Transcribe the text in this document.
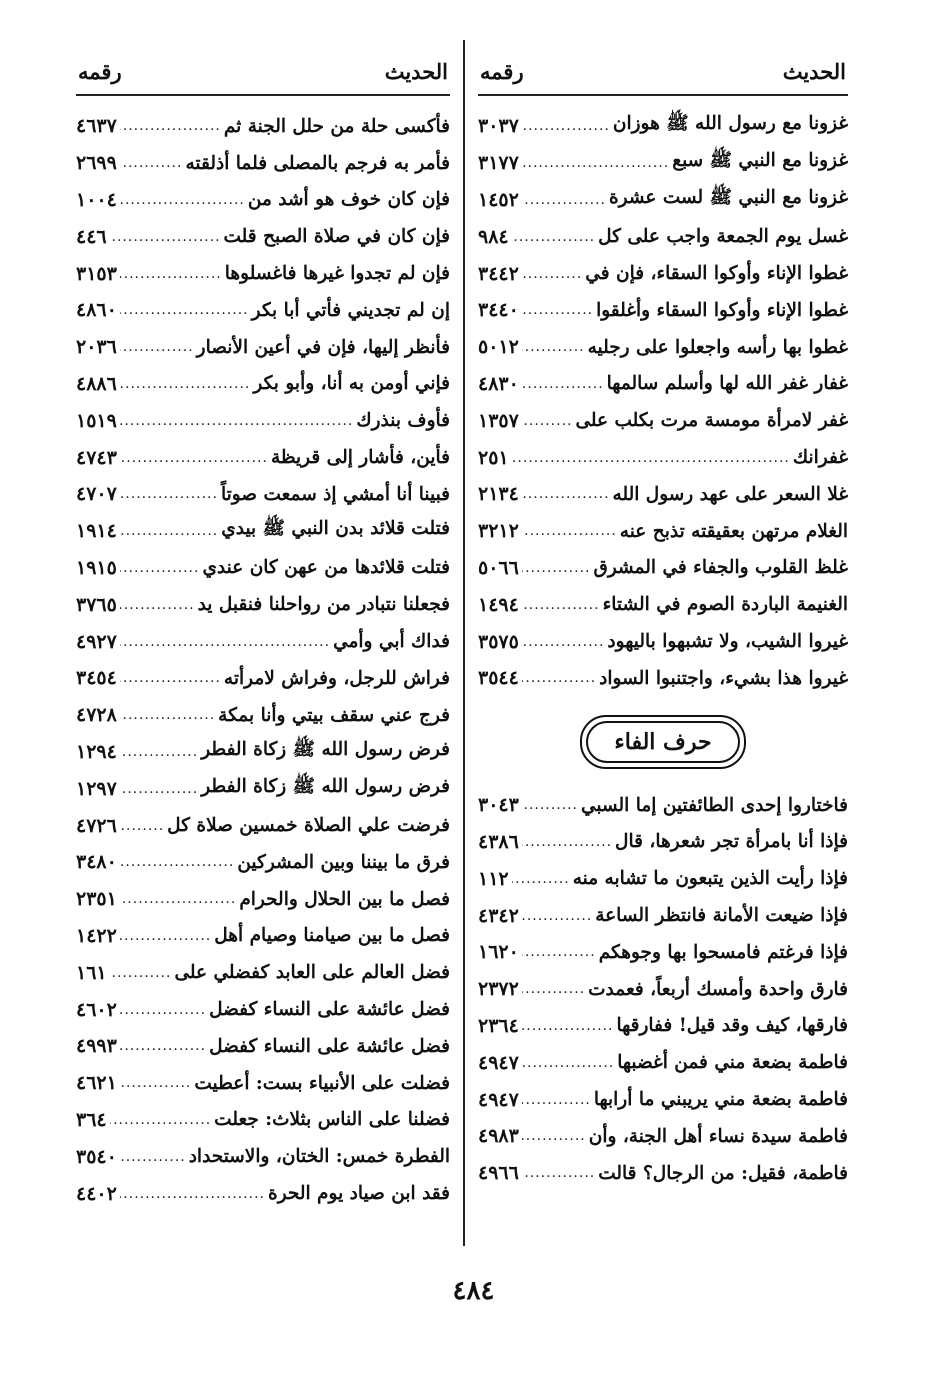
الحديث
رقمه
غزونا مع رسول الله ﷺ هوزان
.....
٣٠٣٧
غزونا مع النبي ﷺ سبع
.....
٣١٧٧
غزونا مع النبي ﷺ لست عشرة
.....
١٤٥٢
غسل يوم الجمعة واجب على كل
.....
٩٨٤
غطوا الإناء وأوكوا السقاء، فإن في
.....
٣٤٤٢
غطوا الإناء وأوكوا السقاء وأغلقوا
.....
٣٤٤٠
غطوا بها رأسه واجعلوا على رجليه
.....
٥٠١٢
غفار غفر الله لها وأسلم سالمها
.....
٤٨٣٠
غفر لامرأة مومسة مرت بكلب على
.....
١٣٥٧
غفرانك
.....
٢٥١
غلا السعر على عهد رسول الله
.....
٢١٣٤
الغلام مرتهن بعقيقته تذبح عنه
.....
٣٢١٢
غلظ القلوب والجفاء في المشرق
.....
٥٠٦٦
الغنيمة الباردة الصوم في الشتاء
.....
١٤٩٤
غيروا الشيب، ولا تشبهوا باليهود
.....
٣٥٧٥
غيروا هذا بشيء، واجتنبوا السواد
.....
٣٥٤٤
حرف الفاء
فاختاروا إحدى الطائفتين إما السبي
.....
٣٠٤٣
فإذا أنا بامرأة تجر شعرها، قال
.....
٤٣٨٦
فإذا رأيت الذين يتبعون ما تشابه منه
.....
١١٢
فإذا ضيعت الأمانة فانتظر الساعة
.....
٤٣٤٢
فإذا فرغتم فامسحوا بها وجوهكم
.....
١٦٢٠
فارق واحدة وأمسك أربعاً، فعمدت
.....
٢٣٧٢
فارقها، كيف وقد قيل! ففارقها
.....
٢٣٦٤
فاطمة بضعة مني فمن أغضبها
.....
٤٩٤٧
فاطمة بضعة مني يريبني ما أرابها
.....
٤٩٤٧
فاطمة سيدة نساء أهل الجنة، وأن
.....
٤٩٨٣
فاطمة، فقيل: من الرجال؟ قالت
.....
٤٩٦٦
الحديث
رقمه
فأكسى حلة من حلل الجنة ثم
.....
٤٦٣٧
فأمر به فرجم بالمصلى فلما أذلقته
.....
٢٦٩٩
فإن كان خوف هو أشد من
.....
١٠٠٤
فإن كان في صلاة الصبح قلت
.....
٤٤٦
فإن لم تجدوا غيرها فاغسلوها
.....
٣١٥٣
إن لم تجديني فأتي أبا بكر
.....
٤٨٦٠
فأنظر إليها، فإن في أعين الأنصار
.....
٢٠٣٦
فإني أومن به أنا، وأبو بكر
.....
٤٨٨٦
فأوف بنذرك
.....
١٥١٩
فأين، فأشار إلى قريظة
.....
٤٧٤٣
فبينا أنا أمشي إذ سمعت صوتاً
.....
٤٧٠٧
فتلت قلائد بدن النبي ﷺ بيدي
.....
١٩١٤
فتلت قلائدها من عهن كان عندي
.....
١٩١٥
فجعلنا نتبادر من رواحلنا فنقبل يد
.....
٣٧٦٥
فداك أبي وأمي
.....
٤٩٢٧
فراش للرجل، وفراش لامرأته
.....
٣٤٥٤
فرج عني سقف بيتي وأنا بمكة
.....
٤٧٢٨
فرض رسول الله ﷺ زكاة الفطر
.....
١٢٩٤
فرض رسول الله ﷺ زكاة الفطر
.....
١٢٩٧
فرضت علي الصلاة خمسين صلاة كل
.....
٤٧٢٦
فرق ما بيننا وبين المشركين
.....
٣٤٨٠
فصل ما بين الحلال والحرام
.....
٢٣٥١
فصل ما بين صيامنا وصيام أهل
.....
١٤٢٢
فضل العالم على العابد كفضلي على
.....
١٦١
فضل عائشة على النساء كفضل
.....
٤٦٠٢
فضل عائشة على النساء كفضل
.....
٤٩٩٣
فضلت على الأنبياء بست: أعطيت
.....
٤٦٢١
فضلنا على الناس بثلاث: جعلت
.....
٣٦٤
الفطرة خمس: الختان، والاستحداد
.....
٣٥٤٠
فقد ابن صياد يوم الحرة
.....
٤٤٠٢
٤٨٤
